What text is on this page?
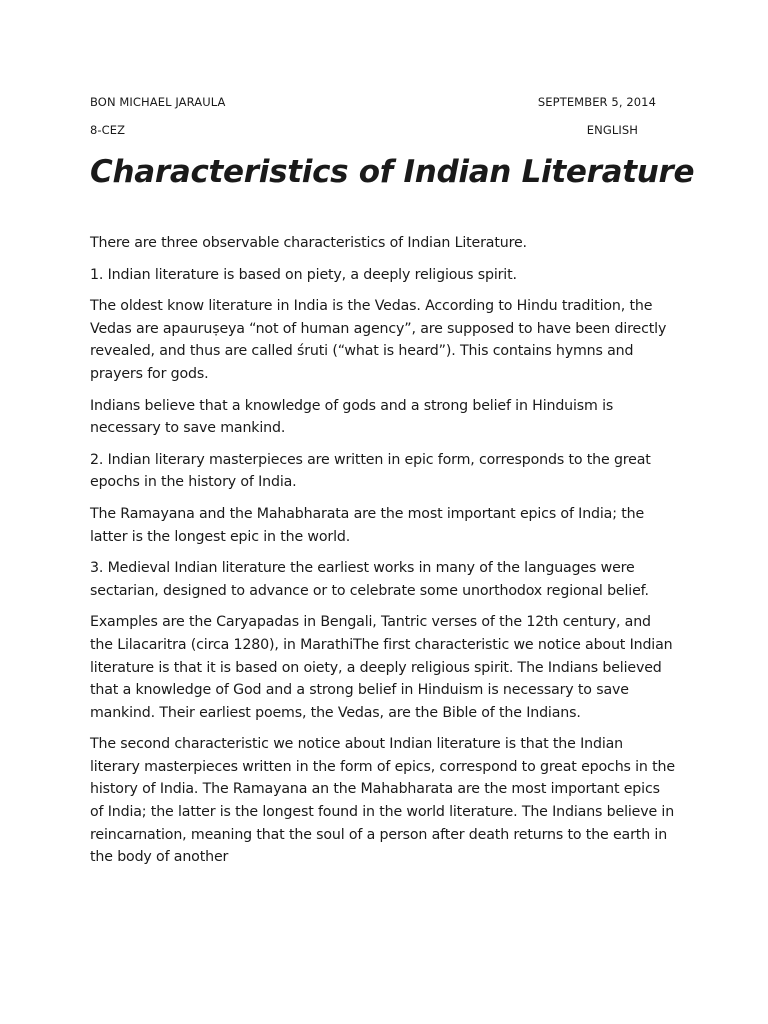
BON MICHAEL JARAULA	SEPTEMBER 5, 2014
8-CEZ	ENGLISH
Characteristics of Indian Literature

There are three observable characteristics of Indian Literature.

1. Indian literature is based on piety, a deeply religious spirit.

The oldest know literature in India is the Vedas. According to Hindu tradition, the Vedas are apauruṣeya “not of human agency”, are supposed to have been directly revealed, and thus are called śruti (“what is heard”). This contains hymns and prayers for gods.

Indians believe that a knowledge of gods and a strong belief in Hinduism is necessary to save mankind.

2. Indian literary masterpieces are written in epic form, corresponds to the great epochs in the history of India.

The Ramayana and the Mahabharata are the most important epics of India; the latter is the longest epic in the world.

3. Medieval Indian literature the earliest works in many of the languages were sectarian, designed to advance or to celebrate some unorthodox regional belief.

Examples are the Caryapadas in Bengali, Tantric verses of the 12th century, and the Lilacaritra (circa 1280), in MarathiThe first characteristic we notice about Indian literature is that it is based on oiety, a deeply religious spirit. The Indians believed that a knowledge of God and a strong belief in Hinduism is necessary to save mankind. Their earliest poems, the Vedas, are the Bible of the Indians.

The second characteristic we notice about Indian literature is that the Indian literary masterpieces written in the form of epics, correspond to great epochs in the history of India. The Ramayana an the Mahabharata are the most important epics of India; the latter is the longest found in the world literature. The Indians believe in reincarnation, meaning that the soul of a person after death returns to the earth in the body of another
